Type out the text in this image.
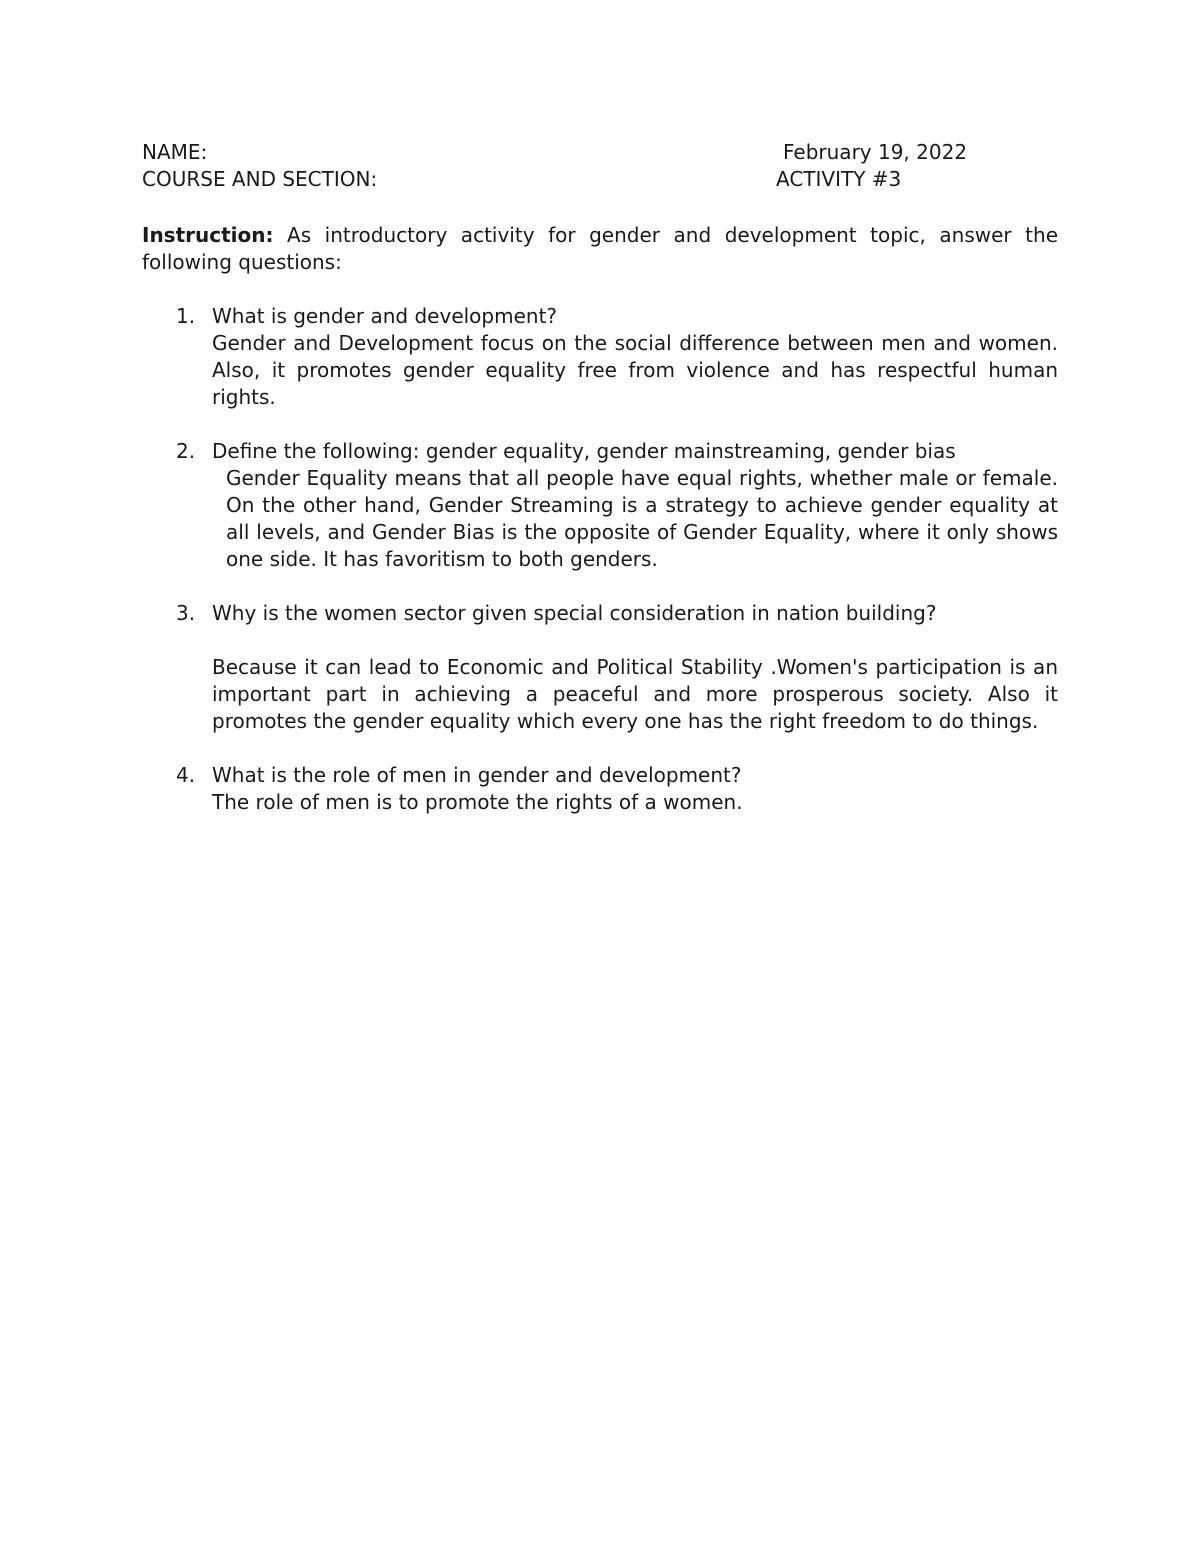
NAME:	February 19, 2022
COURSE AND SECTION:	ACTIVITY #3

Instruction: As introductory activity for gender and development topic, answer the following questions:

1. What is gender and development?
Gender and Development focus on the social difference between men and women. Also, it promotes gender equality free from violence and has respectful human rights.
2. Define the following: gender equality, gender mainstreaming, gender bias
Gender Equality means that all people have equal rights, whether male or female. On the other hand, Gender Streaming is a strategy to achieve gender equality at all levels, and Gender Bias is the opposite of Gender Equality, where it only shows one side. It has favoritism to both genders.
3. Why is the women sector given special consideration in nation building?
Because it can lead to Economic and Political Stability .Women's participation is an important part in achieving a peaceful and more prosperous society. Also it promotes the gender equality which every one has the right freedom to do things.
4. What is the role of men in gender and development?
The role of men is to promote the rights of a women.
